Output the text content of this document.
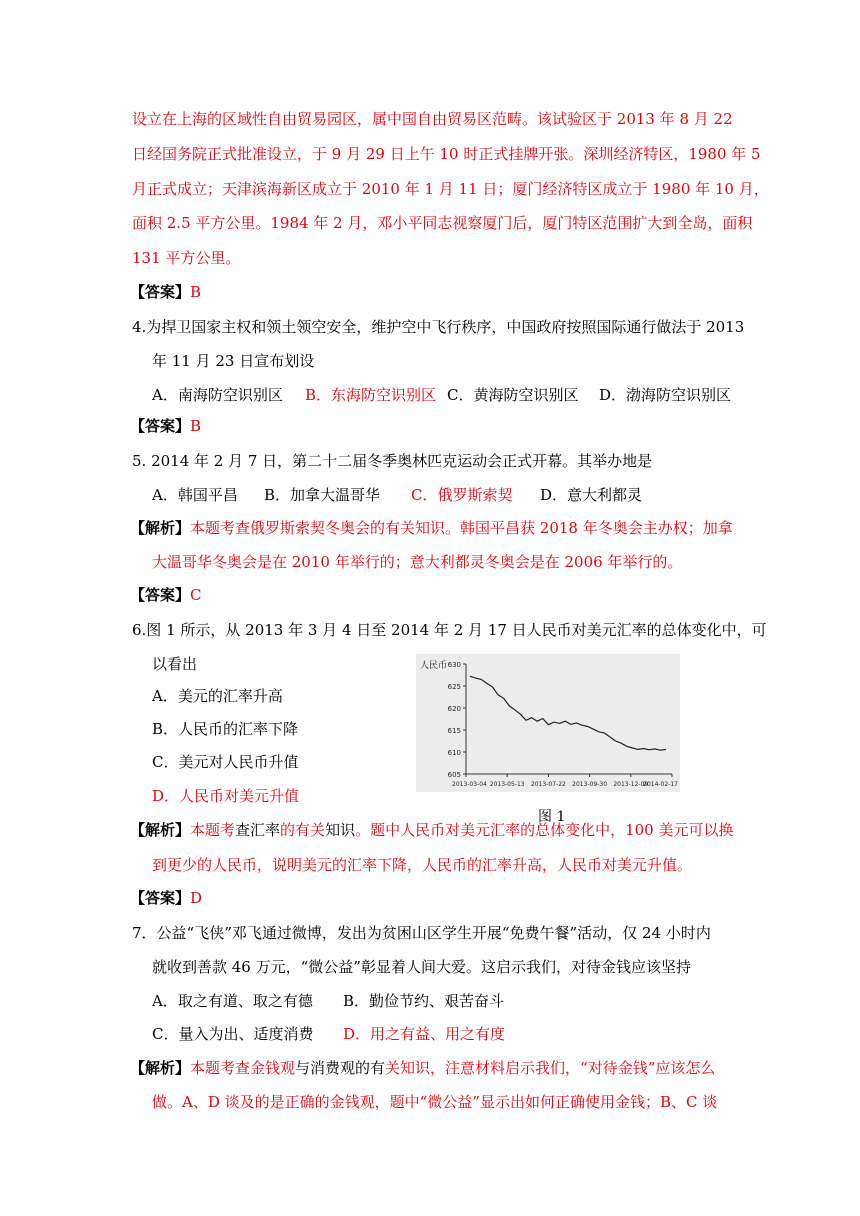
设立在上海的区域性自由贸易园区，属中国自由贸易区范畴。该试验区于 2013 年 8 月 22
日经国务院正式批准设立，于 9 月 29 日上午 10 时正式挂牌开张。深圳经济特区，1980 年 5
月正式成立；天津滨海新区成立于 2010 年 1 月 11 日；厦门经济特区成立于 1980 年 10 月，
面积 2.5 平方公里。1984 年 2 月，邓小平同志视察厦门后，厦门特区范围扩大到全岛，面积
131 平方公里。
【答案】B
4.为捍卫国家主权和领土领空安全，维护空中飞行秩序，中国政府按照国际通行做法于 2013
年 11 月 23 日宣布划设
A．南海防空识别区 B．东海防空识别区 C．黄海防空识别区 D．渤海防空识别区
【答案】B
5. 2014 年 2 月 7 日，第二十二届冬季奥林匹克运动会正式开幕。其举办地是
A．韩国平昌 B．加拿大温哥华 C．俄罗斯索契 D．意大利都灵
【解析】本题考查俄罗斯索契冬奥会的有关知识。韩国平昌获 2018 年冬奥会主办权；加拿
大温哥华冬奥会是在 2010 年举行的；意大利都灵冬奥会是在 2006 年举行的。
【答案】C
6.图 1 所示，从 2013 年 3 月 4 日至 2014 年 2 月 17 日人民币对美元汇率的总体变化中，可
以看出
A．美元的汇率升高
B．人民币的汇率下降
C．美元对人民币升值
D．人民币对美元升值
人民币 630
625
620
615
610
605
2013-03-04 2013-05-13 2013-07-22 2013-09-30 2013-12-09
2014-02-17
图 1
【解析】本题考查汇率的有关知识。题中人民币对美元汇率的总体变化中，100 美元可以换
到更少的人民币，说明美元的汇率下降，人民币的汇率升高，人民币对美元升值。
【答案】D
7．公益“飞侠”邓飞通过微博，发出为贫困山区学生开展“免费午餐”活动，仅 24 小时内
就收到善款 46 万元，“微公益”彰显着人间大爱。这启示我们，对待金钱应该坚持
A．取之有道、取之有德 B．勤俭节约、艰苦奋斗
C．量入为出、适度消费 D．用之有益、用之有度
【解析】本题考查金钱观与消费观的有关知识，注意材料启示我们，“对待金钱”应该怎么
做。A、D 谈及的是正确的金钱观，题中“微公益”显示出如何正确使用金钱；B、C 谈
